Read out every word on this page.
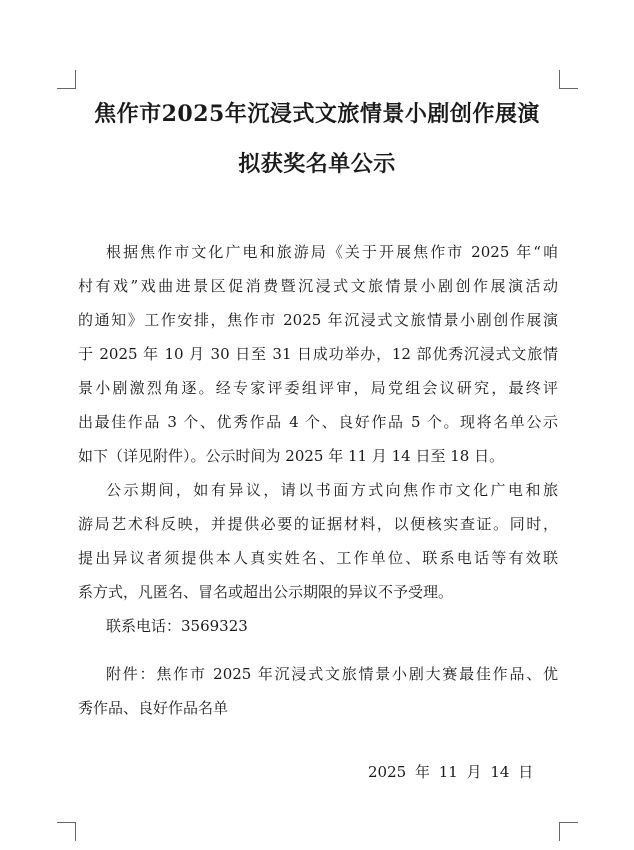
焦作市2025年沉浸式文旅情景小剧创作展演
拟获奖名单公示

根据焦作市文化广电和旅游局《关于开展焦作市 2025 年“咱

村有戏”戏曲进景区促消费暨沉浸式文旅情景小剧创作展演活动

的通知》工作安排，焦作市 2025 年沉浸式文旅情景小剧创作展演

于 2025 年 10 月 30 日至 31 日成功举办，12 部优秀沉浸式文旅情

景小剧激烈角逐。经专家评委组评审，局党组会议研究，最终评

出最佳作品 3 个、优秀作品 4 个、良好作品 5 个。现将名单公示

如下（详见附件）。公示时间为 2025 年 11 月 14 日至 18 日。

公示期间，如有异议，请以书面方式向焦作市文化广电和旅

游局艺术科反映，并提供必要的证据材料，以便核实查证。同时，

提出异议者须提供本人真实姓名、工作单位、联系电话等有效联

系方式，凡匿名、冒名或超出公示期限的异议不予受理。

联系电话：3569323

附件：焦作市 2025 年沉浸式文旅情景小剧大赛最佳作品、优

秀作品、良好作品名单

2025 年 11 月 14 日
